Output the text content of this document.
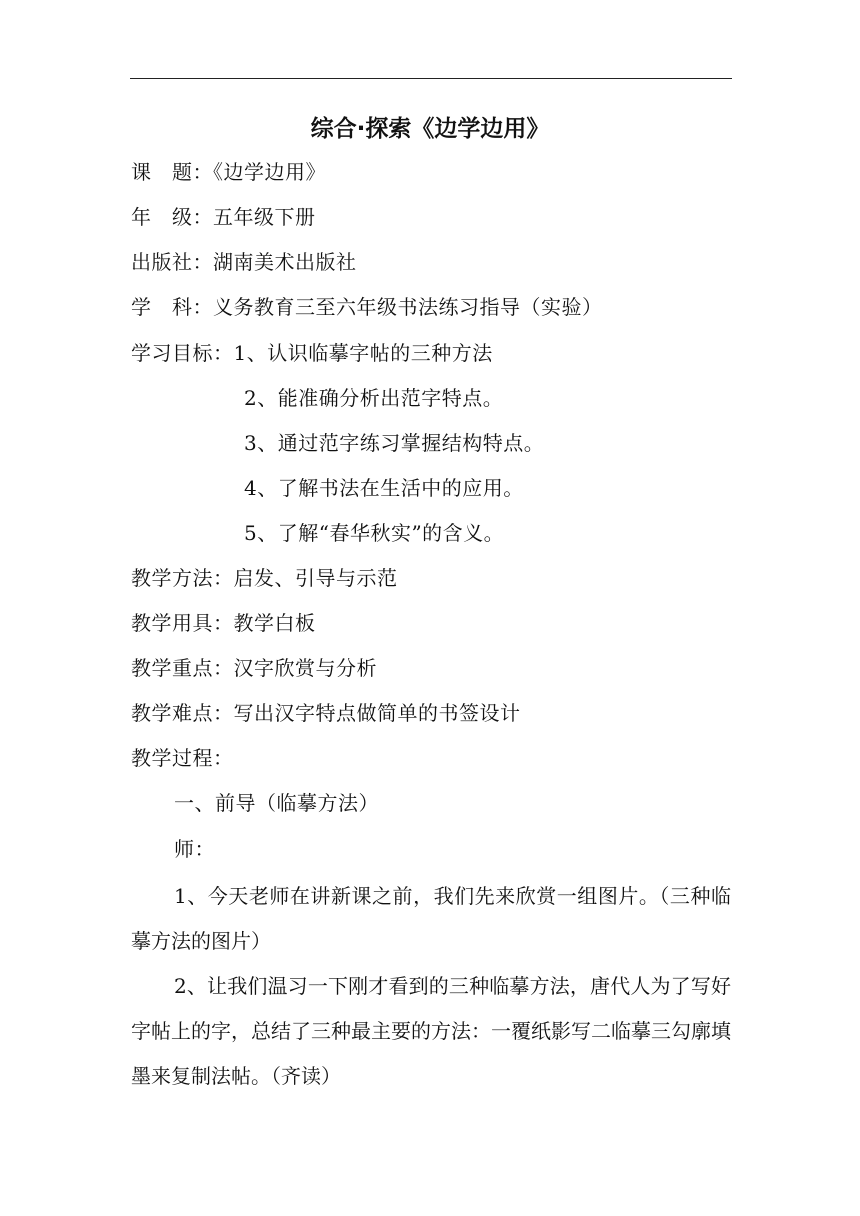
综合·探索《边学边用》
课　题：《边学边用》
年　级：五年级下册
出版社：湖南美术出版社
学　科：义务教育三至六年级书法练习指导（实验）
学习目标：1、认识临摹字帖的三种方法
2、能准确分析出范字特点。
3、通过范字练习掌握结构特点。
4、了解书法在生活中的应用。
5、了解“春华秋实”的含义。
教学方法：启发、引导与示范
教学用具：教学白板
教学重点：汉字欣赏与分析
教学难点：写出汉字特点做简单的书签设计
教学过程：
一、前导（临摹方法）
师：
1、今天老师在讲新课之前，我们先来欣赏一组图片。（三种临摹方法的图片）
2、让我们温习一下刚才看到的三种临摹方法，唐代人为了写好字帖上的字，总结了三种最主要的方法：一覆纸影写二临摹三勾廓填墨来复制法帖。（齐读）
